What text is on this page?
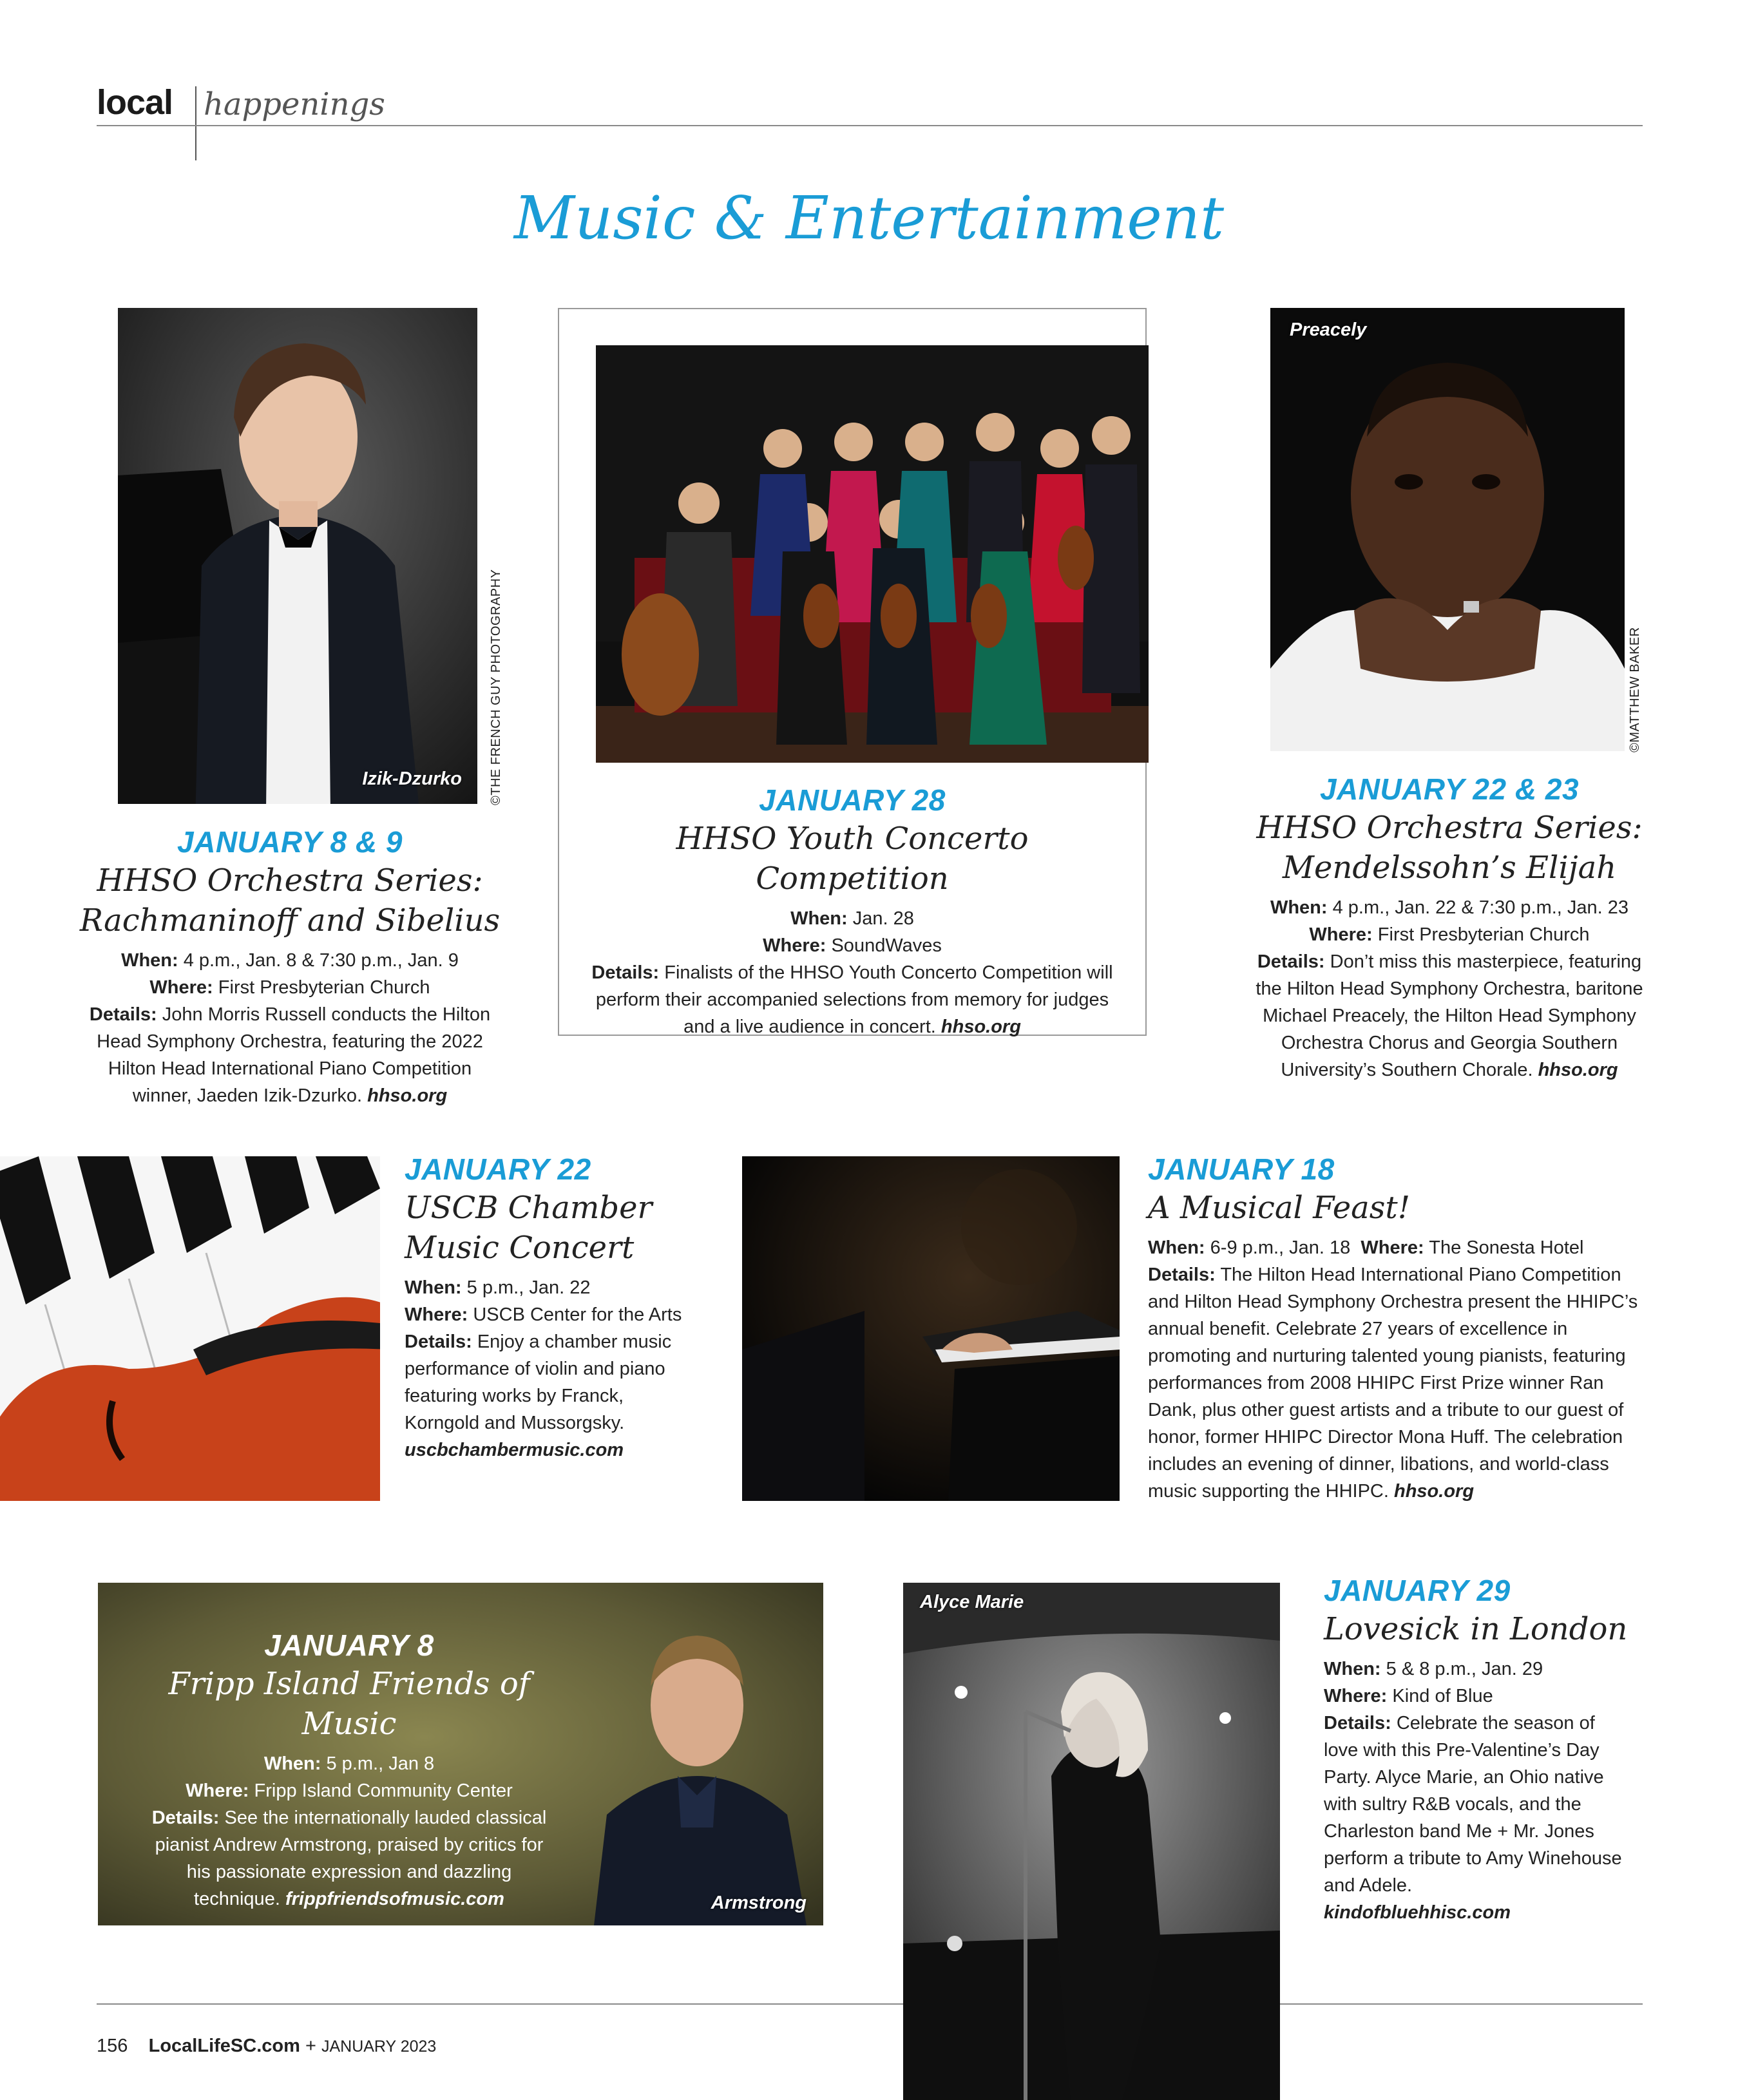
local happenings
Music & Entertainment
Izik-Dzurko ©THE FRENCH GUY PHOTOGRAPHY
JANUARY 8 & 9
HHSO Orchestra Series:
Rachmaninoff and Sibelius
When: 4 p.m., Jan. 8 & 7:30 p.m., Jan. 9
Where: First Presbyterian Church
Details: John Morris Russell conducts the Hilton Head Symphony Orchestra, featuring the 2022 Hilton Head International Piano Competition winner, Jaeden Izik-Dzurko. hhso.org
JANUARY 28
HHSO Youth Concerto Competition
When: Jan. 28
Where: SoundWaves
Details: Finalists of the HHSO Youth Concerto Competition will perform their accompanied selections from memory for judges and a live audience in concert. hhso.org
Preacely
©MATTHEW BAKER
JANUARY 22 & 23
HHSO Orchestra Series:
Mendelssohn’s Elijah
When: 4 p.m., Jan. 22 & 7:30 p.m., Jan. 23
Where: First Presbyterian Church
Details: Don’t miss this masterpiece, featuring the Hilton Head Symphony Orchestra, baritone Michael Preacely, the Hilton Head Symphony Orchestra Chorus and Georgia Southern University’s Southern Chorale. hhso.org
JANUARY 22
USCB Chamber
Music Concert
When: 5 p.m., Jan. 22
Where: USCB Center for the Arts
Details: Enjoy a chamber music performance of violin and piano featuring works by Franck, Korngold and Mussorgsky.
uscbchambermusic.com
JANUARY 18
A Musical Feast!
When: 6-9 p.m., Jan. 18 Where: The Sonesta Hotel
Details: The Hilton Head International Piano Competition and Hilton Head Symphony Orchestra present the HHIPC’s annual benefit. Celebrate 27 years of excellence in promoting and nurturing talented young pianists, featuring performances from 2008 HHIPC First Prize winner Ran Dank, plus other guest artists and a tribute to our guest of honor, former HHIPC Director Mona Huff. The celebration includes an evening of dinner, libations, and world-class music supporting the HHIPC. hhso.org
JANUARY 8
Fripp Island Friends of Music
When: 5 p.m., Jan 8
Where: Fripp Island Community Center
Details: See the internationally lauded classical pianist Andrew Armstrong, praised by critics for his passionate expression and dazzling technique. frippfriendsofmusic.com	Armstrong
Alyce Marie	JANUARY 29
Lovesick in London
When: 5 & 8 p.m., Jan. 29
Where: Kind of Blue
Details: Celebrate the season of love with this Pre-Valentine’s Day Party. Alyce Marie, an Ohio native with sultry R&B vocals, and the Charleston band Me + Mr. Jones perform a tribute to Amy Winehouse and Adele.
kindofbluehhisc.com
156 LocalLifeSC.com + JANUARY 2023
